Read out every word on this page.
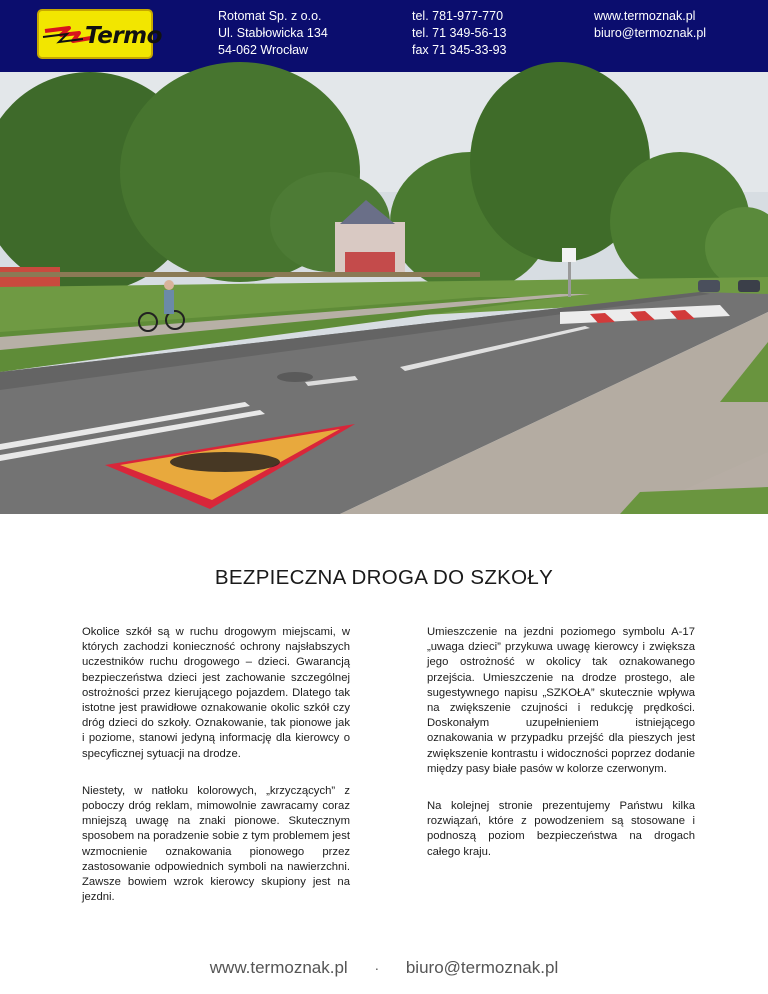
Termo
Rotomat Sp. z o.o.
Ul. Stabłowicka 134
54-062 Wrocław
tel. 781-977-770
tel. 71 349-56-13
fax 71 345-33-93
www.termoznak.pl
biuro@termoznak.pl
BEZPIECZNA DROGA DO SZKOŁY

Okolice szkół są w ruchu drogowym miejscami, w których zachodzi konieczność ochrony najsłabszych uczestników ruchu drogowego – dzieci. Gwarancją bezpieczeństwa dzieci jest zachowanie szczególnej ostrożności przez kierującego pojazdem. Dlatego tak istotne jest prawidłowe oznakowanie okolic szkół czy dróg dzieci do szkoły. Oznakowanie, tak pionowe jak i poziome, stanowi jedyną informację dla kierowcy o specyficznej sytuacji na drodze.

Niestety, w natłoku kolorowych, „krzyczących” z poboczy dróg reklam, mimowolnie zawracamy coraz mniejszą uwagę na znaki pionowe. Skutecznym sposobem na poradzenie sobie z tym problemem jest wzmocnienie oznakowania pionowego przez zastosowanie odpowiednich symboli na nawierzchni. Zawsze bowiem wzrok kierowcy skupiony jest na jezdni.

Umieszczenie na jezdni poziomego symbolu A-17 „uwaga dzieci” przykuwa uwagę kierowcy i zwiększa jego ostrożność w okolicy tak oznakowanego przejścia. Umieszczenie na drodze prostego, ale sugestywnego napisu „SZKOŁA” skutecznie wpływa na zwiększenie czujności i redukcję prędkości. Doskonałym uzupełnieniem istniejącego oznakowania w przypadku przejść dla pieszych jest zwiększenie kontrastu i widoczności poprzez dodanie między pasy białe pasów w kolorze czerwonym.

Na kolejnej stronie prezentujemy Państwu kilka rozwiązań, które z powodzeniem są stosowane i podnoszą poziom bezpieczeństwa na drogach całego kraju.

www.termoznak.pl · biuro@termoznak.pl
